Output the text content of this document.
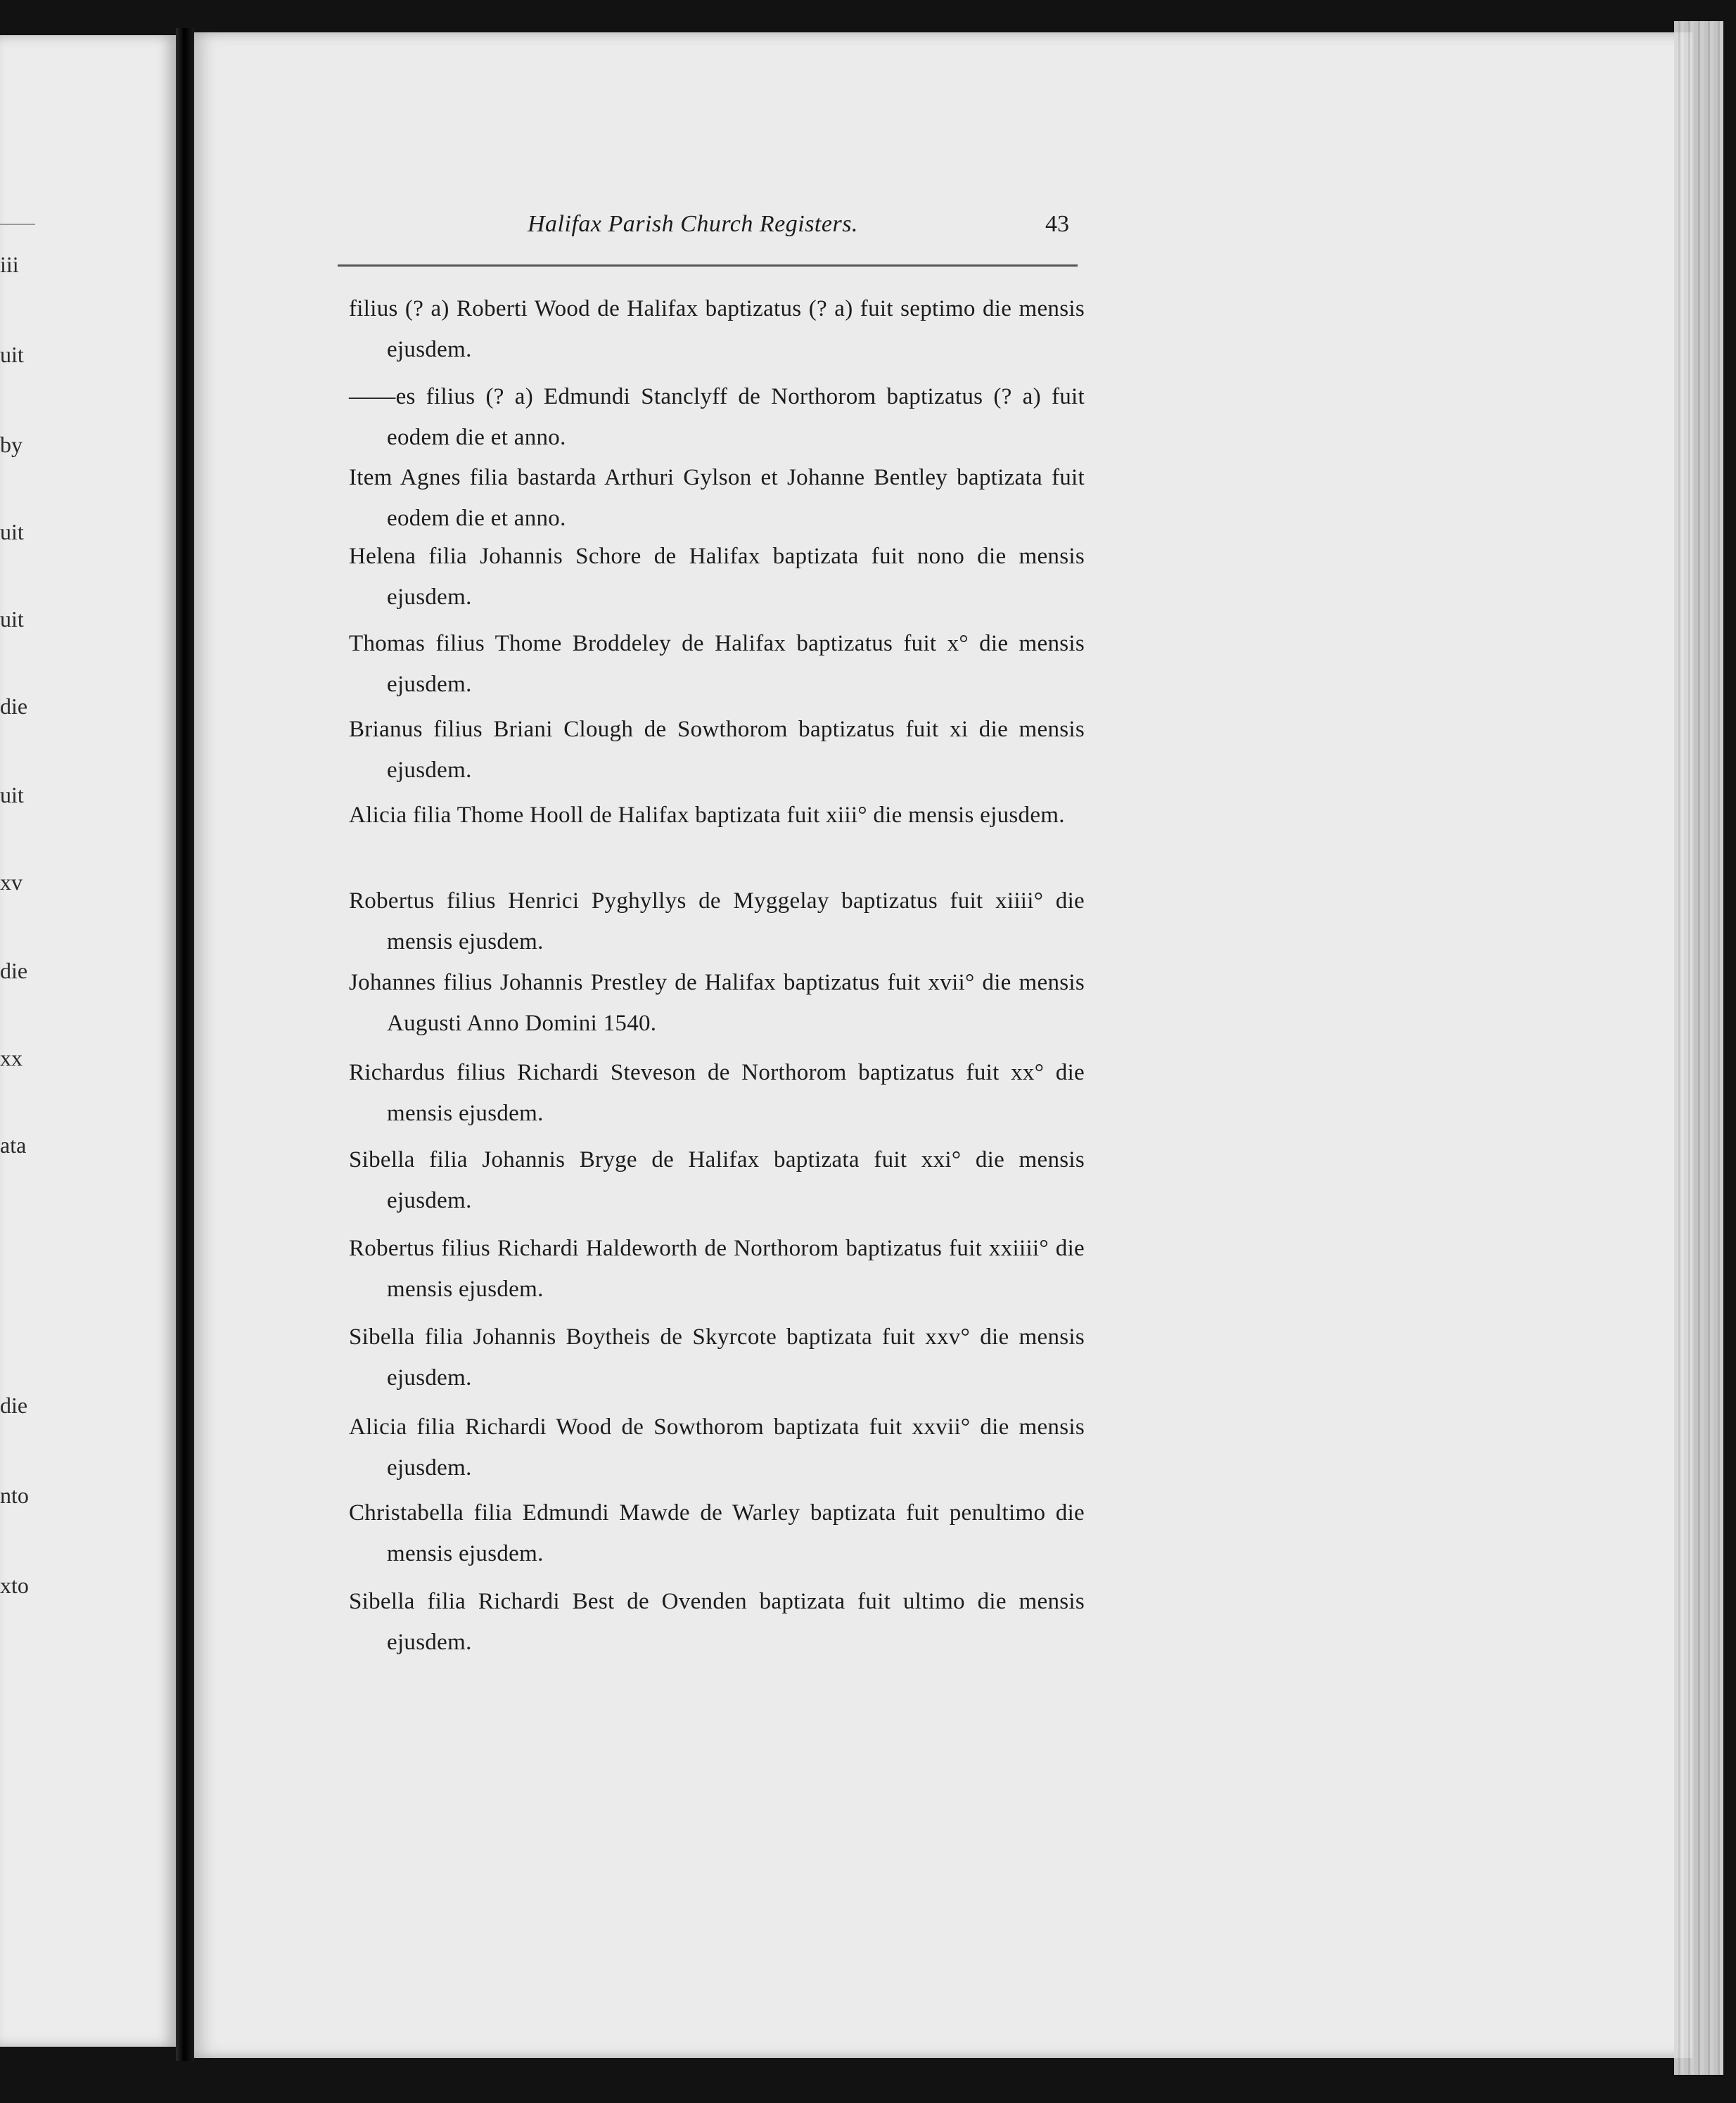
iii
uit
by
uit
uit
die
uit
xv
die
xx
ata
die
nto
xto
Halifax Parish Church Registers.	43
filius (? a) Roberti Wood de Halifax baptizatus (? a) fuit septimo die mensis ejusdem.
——es filius (? a) Edmundi Stanclyff de Northorom baptizatus (? a) fuit eodem die et anno.
Item Agnes filia bastarda Arthuri Gylson et Johanne Bentley baptizata fuit eodem die et anno.
Helena filia Johannis Schore de Halifax baptizata fuit nono die mensis ejusdem.
Thomas filius Thome Broddeley de Halifax baptizatus fuit x° die mensis ejusdem.
Brianus filius Briani Clough de Sowthorom baptizatus fuit xi die mensis ejusdem.
Alicia filia Thome Hooll de Halifax baptizata fuit xiii° die mensis ejusdem.
Robertus filius Henrici Pyghyllys de Myggelay baptizatus fuit xiiii° die mensis ejusdem.
Johannes filius Johannis Prestley de Halifax baptizatus fuit xvii° die mensis Augusti Anno Domini 1540.
Richardus filius Richardi Steveson de Northorom baptizatus fuit xx° die mensis ejusdem.
Sibella filia Johannis Bryge de Halifax baptizata fuit xxi° die mensis ejusdem.
Robertus filius Richardi Haldeworth de Northorom baptizatus fuit xxiiii° die mensis ejusdem.
Sibella filia Johannis Boytheis de Skyrcote baptizata fuit xxv° die mensis ejusdem.
Alicia filia Richardi Wood de Sowthorom baptizata fuit xxvii° die mensis ejusdem.
Christabella filia Edmundi Mawde de Warley baptizata fuit penultimo die mensis ejusdem.
Sibella filia Richardi Best de Ovenden baptizata fuit ultimo die mensis ejusdem.
